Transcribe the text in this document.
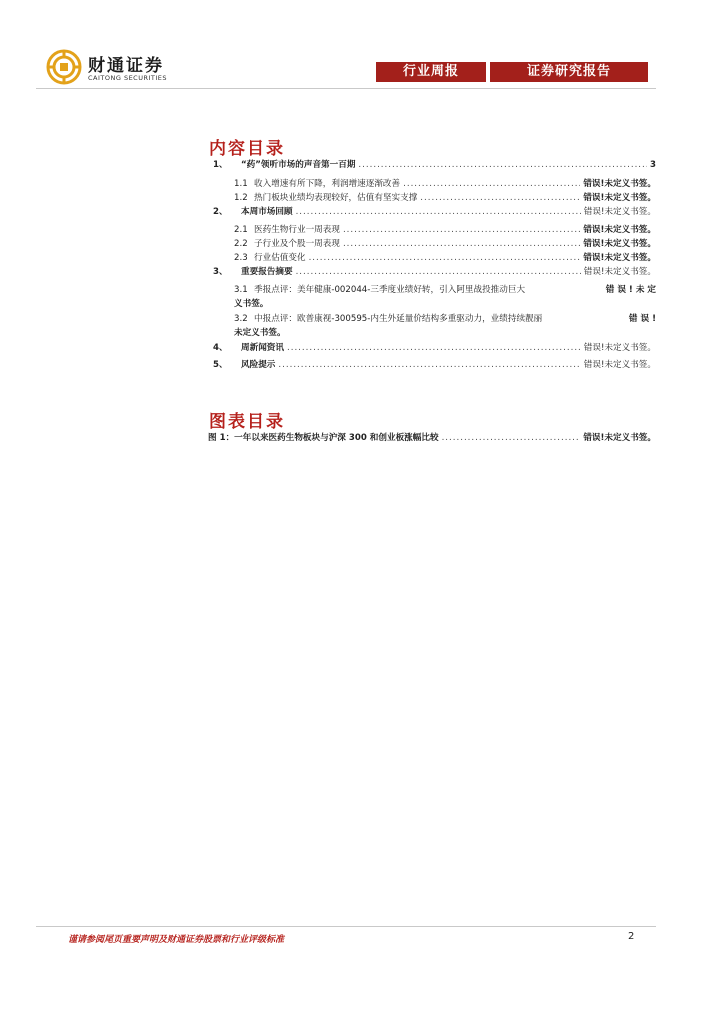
财通证券
CAITONG SECURITIES	行业周报	证券研究报告
内容目录
1、	“药”领听市场的声音第一百期 .....	3
1.1 收入增速有所下降，利润增速逐渐改善 .....	错误!未定义书签。
1.2 热门板块业绩均表现较好，估值有坚实支撑 .....	错误!未定义书签。
2、	本周市场回顾 .....	错误!未定义书签。
2.1 医药生物行业一周表现 .....	错误!未定义书签。
2.2 子行业及个股一周表现 .....	错误!未定义书签。
2.3 行业估值变化 .....	错误!未定义书签。
3、	重要报告摘要 .....	错误!未定义书签。
3.1 季报点评：美年健康-002044-三季度业绩好转，引入阿里战投推动巨大	错 误 ! 未 定
义书签。
3.2 中报点评：欧普康视-300595-内生外延量价结构多重驱动力，业绩持续靓丽	错 误 !
未定义书签。
4、	周新闻资讯 .....	错误!未定义书签。
5、	风险提示 .....	错误!未定义书签。
图表目录
图 1：一年以来医药生物板块与沪深 300 和创业板涨幅比较 .....	错误!未定义书签。
谨请参阅尾页重要声明及财通证券股票和行业评级标准	2
